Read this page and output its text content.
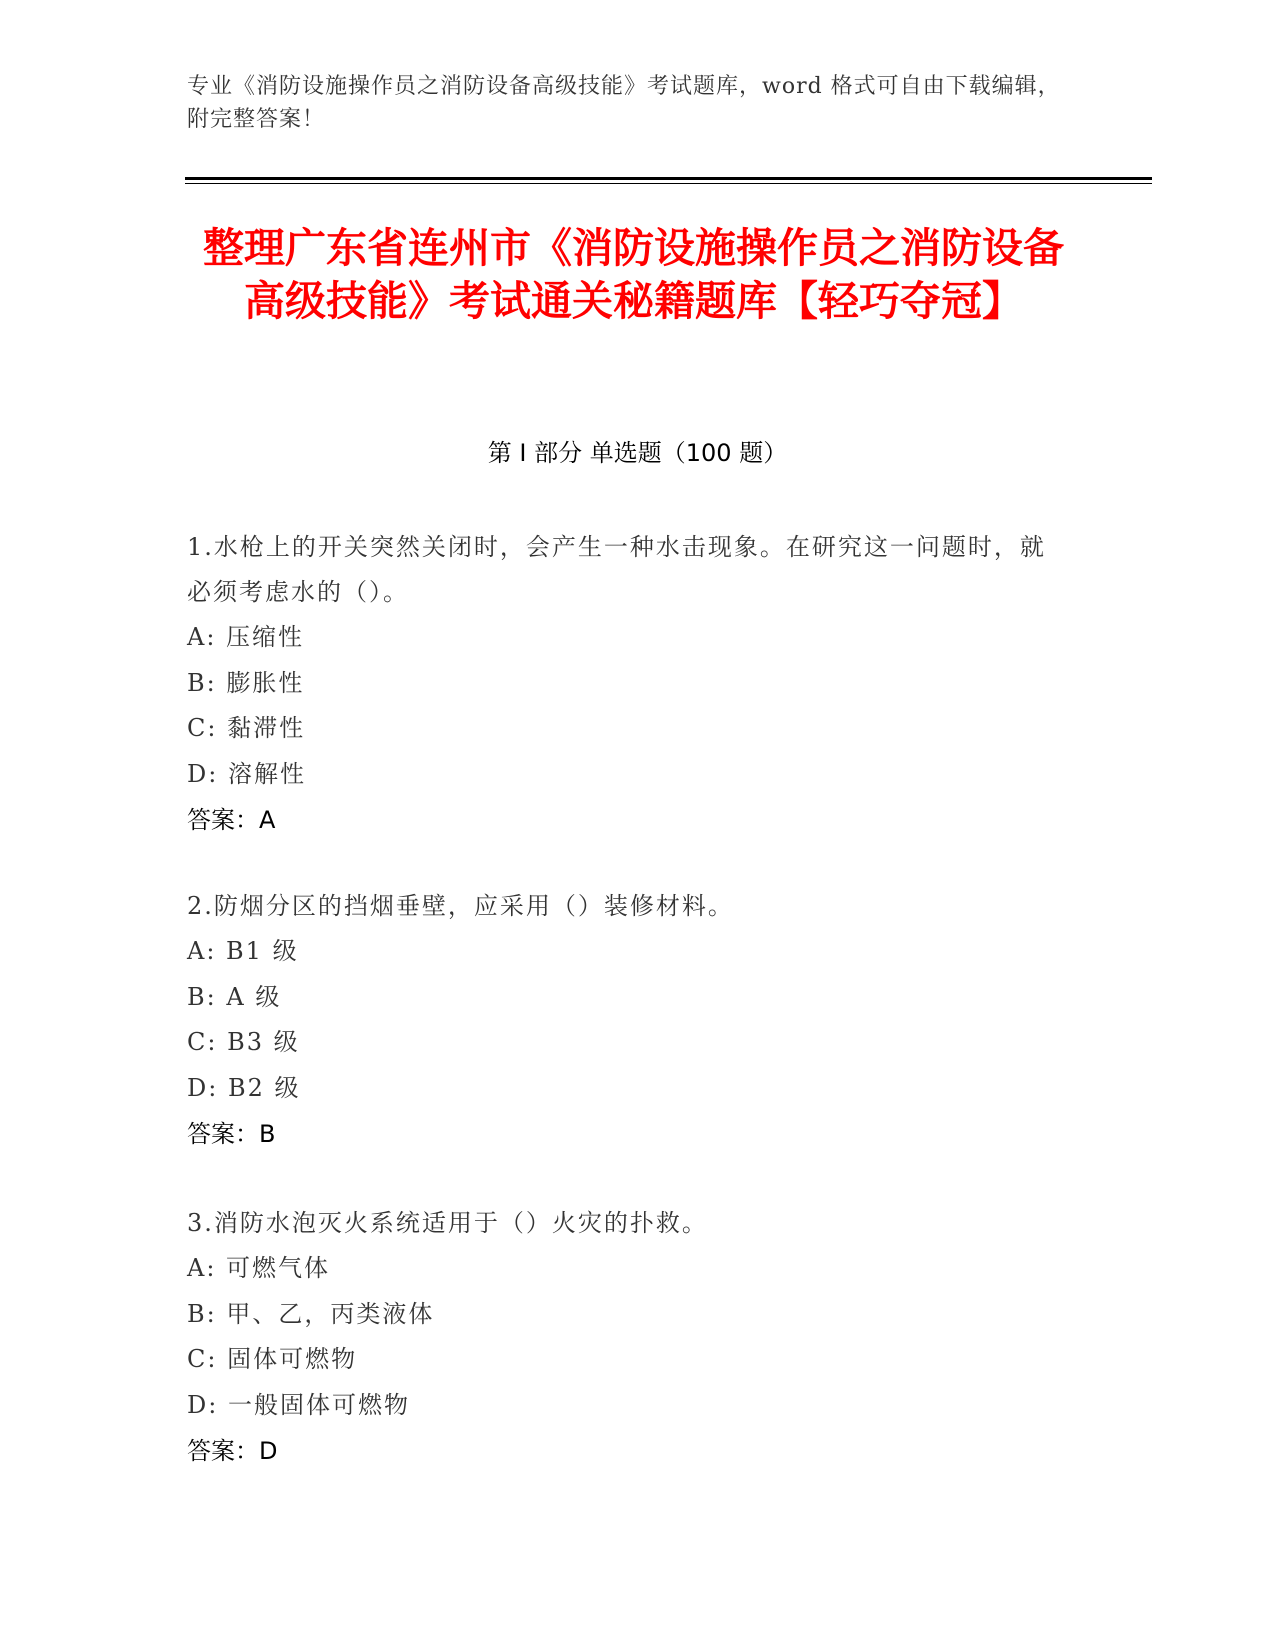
专业《消防设施操作员之消防设备高级技能》考试题库，word 格式可自由下载编辑，附完整答案！
整理广东省连州市《消防设施操作员之消防设备高级技能》考试通关秘籍题库【轻巧夺冠】
第 I 部分 单选题（100 题）
1.水枪上的开关突然关闭时，会产生一种水击现象。在研究这一问题时，就必须考虑水的（）。
A: 压缩性
B: 膨胀性
C: 黏滞性
D: 溶解性
答案：A
2.防烟分区的挡烟垂壁，应采用（）装修材料。
A: B1 级
B: A 级
C: B3 级
D: B2 级
答案：B
3.消防水泡灭火系统适用于（）火灾的扑救。
A: 可燃气体
B: 甲、乙，丙类液体
C: 固体可燃物
D: 一般固体可燃物
答案：D
